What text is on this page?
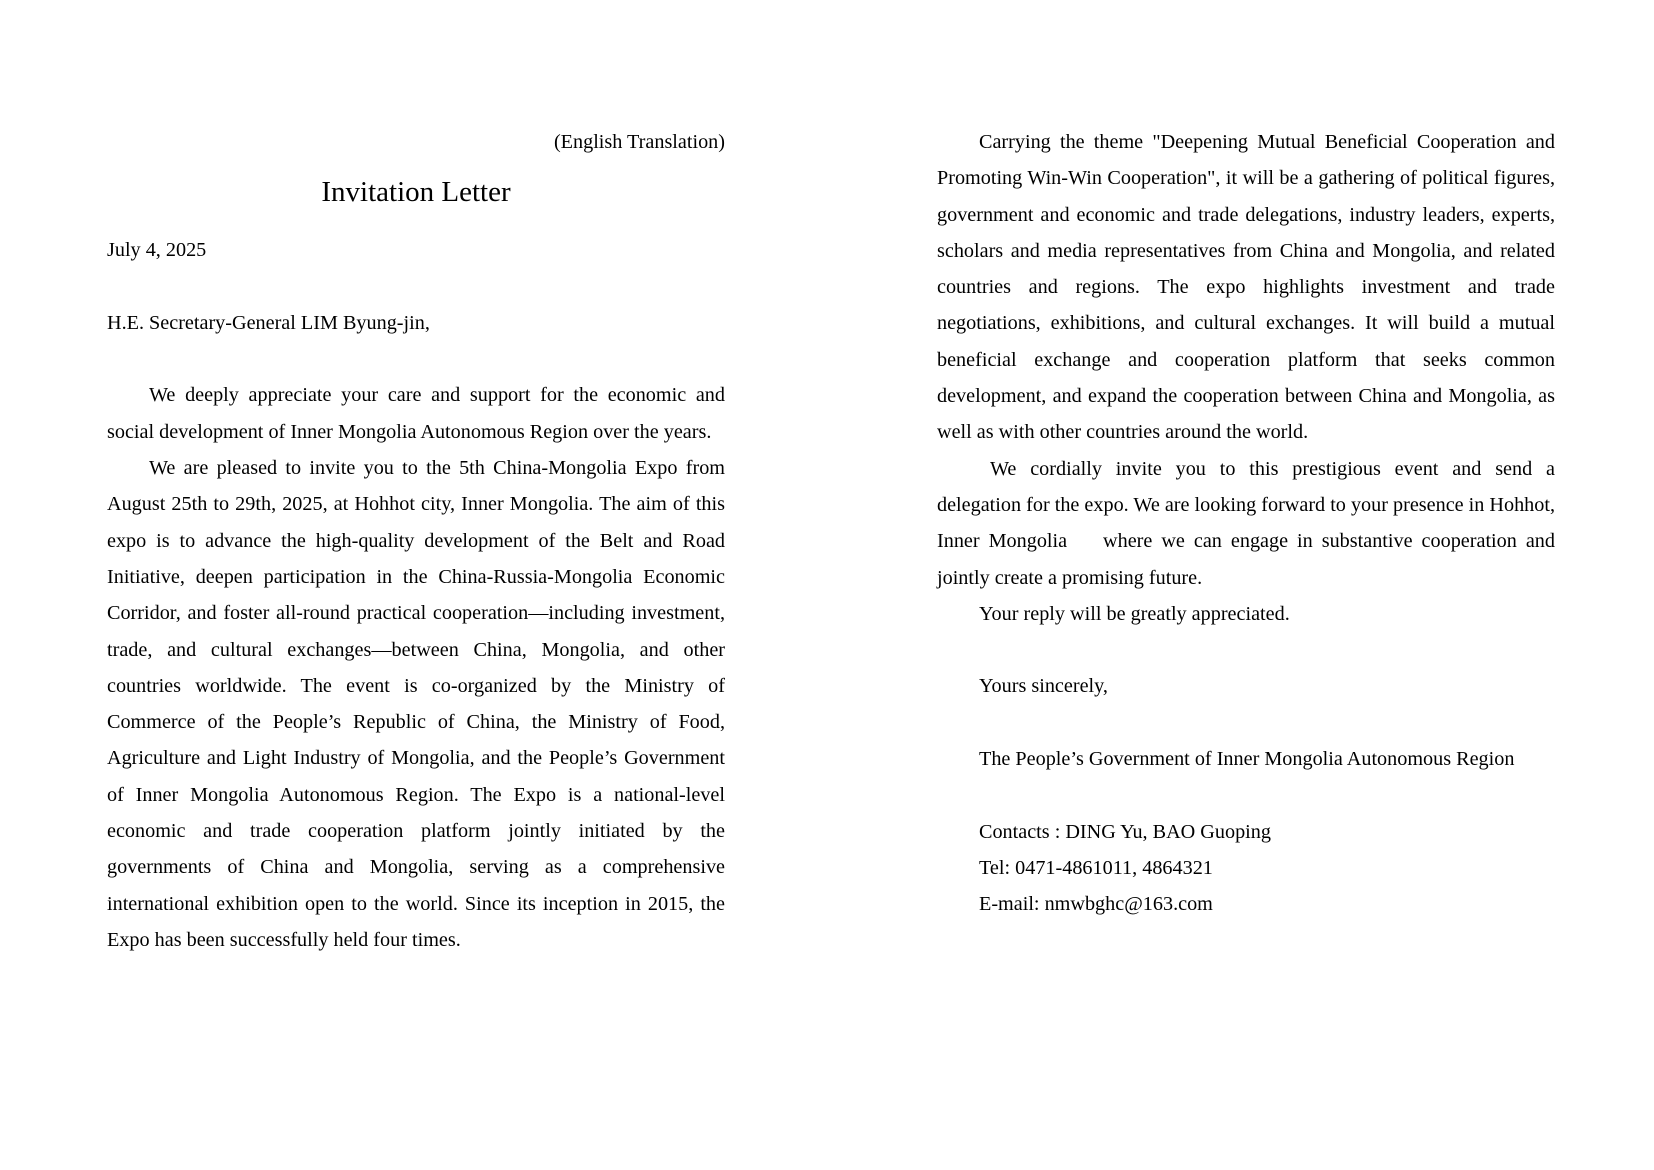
(English Translation)

Invitation Letter

July 4, 2025

H.E. Secretary-General LIM Byung-jin,

We deeply appreciate your care and support for the economic and social development of Inner Mongolia Autonomous Region over the years.

We are pleased to invite you to the 5th China-Mongolia Expo from August 25th to 29th, 2025, at Hohhot city, Inner Mongolia. The aim of this expo is to advance the high-quality development of the Belt and Road Initiative, deepen participation in the China-Russia-Mongolia Economic Corridor, and foster all-round practical cooperation—including investment, trade, and cultural exchanges—between China, Mongolia, and other countries worldwide. The event is co-organized by the Ministry of Commerce of the People’s Republic of China, the Ministry of Food, Agriculture and Light Industry of Mongolia, and the People’s Government of Inner Mongolia Autonomous Region. The Expo is a national-level economic and trade cooperation platform jointly initiated by the governments of China and Mongolia, serving as a comprehensive international exhibition open to the world. Since its inception in 2015, the Expo has been successfully held four times.

Carrying the theme "Deepening Mutual Beneficial Cooperation and Promoting Win-Win Cooperation", it will be a gathering of political figures, government and economic and trade delegations, industry leaders, experts, scholars and media representatives from China and Mongolia, and related countries and regions. The expo highlights investment and trade negotiations, exhibitions, and cultural exchanges. It will build a mutual beneficial exchange and cooperation platform that seeks common development, and expand the cooperation between China and Mongolia, as well as with other countries around the world.

We cordially invite you to this prestigious event and send a delegation for the expo. We are looking forward to your presence in Hohhot, Inner Mongolia    where we can engage in substantive cooperation and jointly create a promising future.

Your reply will be greatly appreciated.

Yours sincerely,

The People’s Government of Inner Mongolia Autonomous Region

Contacts : DING Yu, BAO Guoping

Tel: 0471-4861011, 4864321

E-mail: nmwbghc@163.com
